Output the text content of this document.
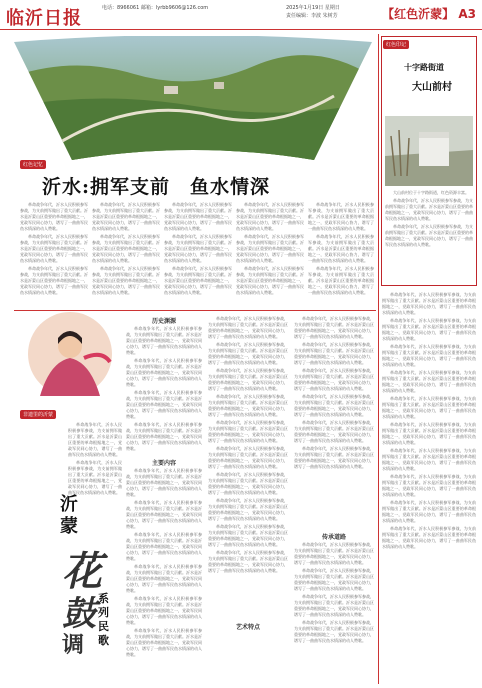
临沂日报	电话：8966061 邮箱：lyrbb9606@126.com	2025年1月19日 星期日
责任编辑：李波 朱树芳	【红色沂蒙】 A3
红色记忆
沂水:拥军支前　鱼水情深

革命战争年代，沂水人民积极参军参战，为支前拥军做出了重大贡献。沂水是沂蒙山区重要的革命根据地之一，党政军民同心协力，谱写了一曲曲军民鱼水情深的动人赞歌。

革命战争年代，沂水人民积极参军参战，为支前拥军做出了重大贡献。沂水是沂蒙山区重要的革命根据地之一，党政军民同心协力，谱写了一曲曲军民鱼水情深的动人赞歌。

革命战争年代，沂水人民积极参军参战，为支前拥军做出了重大贡献。沂水是沂蒙山区重要的革命根据地之一，党政军民同心协力，谱写了一曲曲军民鱼水情深的动人赞歌。

革命战争年代，沂水人民积极参军参战，为支前拥军做出了重大贡献。沂水是沂蒙山区重要的革命根据地之一，党政军民同心协力，谱写了一曲曲军民鱼水情深的动人赞歌。

革命战争年代，沂水人民积极参军参战，为支前拥军做出了重大贡献。沂水是沂蒙山区重要的革命根据地之一，党政军民同心协力，谱写了一曲曲军民鱼水情深的动人赞歌。

革命战争年代，沂水人民积极参军参战，为支前拥军做出了重大贡献。沂水是沂蒙山区重要的革命根据地之一，党政军民同心协力，谱写了一曲曲军民鱼水情深的动人赞歌。

革命战争年代，沂水人民积极参军参战，为支前拥军做出了重大贡献。沂水是沂蒙山区重要的革命根据地之一，党政军民同心协力，谱写了一曲曲军民鱼水情深的动人赞歌。

革命战争年代，沂水人民积极参军参战，为支前拥军做出了重大贡献。沂水是沂蒙山区重要的革命根据地之一，党政军民同心协力，谱写了一曲曲军民鱼水情深的动人赞歌。

革命战争年代，沂水人民积极参军参战，为支前拥军做出了重大贡献。沂水是沂蒙山区重要的革命根据地之一，党政军民同心协力，谱写了一曲曲军民鱼水情深的动人赞歌。

革命战争年代，沂水人民积极参军参战，为支前拥军做出了重大贡献。沂水是沂蒙山区重要的革命根据地之一，党政军民同心协力，谱写了一曲曲军民鱼水情深的动人赞歌。

革命战争年代，沂水人民积极参军参战，为支前拥军做出了重大贡献。沂水是沂蒙山区重要的革命根据地之一，党政军民同心协力，谱写了一曲曲军民鱼水情深的动人赞歌。

革命战争年代，沂水人民积极参军参战，为支前拥军做出了重大贡献。沂水是沂蒙山区重要的革命根据地之一，党政军民同心协力，谱写了一曲曲军民鱼水情深的动人赞歌。

革命战争年代，沂水人民积极参军参战，为支前拥军做出了重大贡献。沂水是沂蒙山区重要的革命根据地之一，党政军民同心协力，谱写了一曲曲军民鱼水情深的动人赞歌。

革命战争年代，沂水人民积极参军参战，为支前拥军做出了重大贡献。沂水是沂蒙山区重要的革命根据地之一，党政军民同心协力，谱写了一曲曲军民鱼水情深的动人赞歌。

革命战争年代，沂水人民积极参军参战，为支前拥军做出了重大贡献。沂水是沂蒙山区重要的革命根据地之一，党政军民同心协力，谱写了一曲曲军民鱼水情深的动人赞歌。

非遗里的沂蒙

革命战争年代，沂水人民积极参军参战，为支前拥军做出了重大贡献。沂水是沂蒙山区重要的革命根据地之一，党政军民同心协力，谱写了一曲曲军民鱼水情深的动人赞歌。

革命战争年代，沂水人民积极参军参战，为支前拥军做出了重大贡献。沂水是沂蒙山区重要的革命根据地之一，党政军民同心协力，谱写了一曲曲军民鱼水情深的动人赞歌。

沂
蒙
花
鼓
调
系
列
民
歌
历史渊源

革命战争年代，沂水人民积极参军参战，为支前拥军做出了重大贡献。沂水是沂蒙山区重要的革命根据地之一，党政军民同心协力，谱写了一曲曲军民鱼水情深的动人赞歌。

革命战争年代，沂水人民积极参军参战，为支前拥军做出了重大贡献。沂水是沂蒙山区重要的革命根据地之一，党政军民同心协力，谱写了一曲曲军民鱼水情深的动人赞歌。

革命战争年代，沂水人民积极参军参战，为支前拥军做出了重大贡献。沂水是沂蒙山区重要的革命根据地之一，党政军民同心协力，谱写了一曲曲军民鱼水情深的动人赞歌。

革命战争年代，沂水人民积极参军参战，为支前拥军做出了重大贡献。沂水是沂蒙山区重要的革命根据地之一，党政军民同心协力，谱写了一曲曲军民鱼水情深的动人赞歌。

主要内容

革命战争年代，沂水人民积极参军参战，为支前拥军做出了重大贡献。沂水是沂蒙山区重要的革命根据地之一，党政军民同心协力，谱写了一曲曲军民鱼水情深的动人赞歌。

革命战争年代，沂水人民积极参军参战，为支前拥军做出了重大贡献。沂水是沂蒙山区重要的革命根据地之一，党政军民同心协力，谱写了一曲曲军民鱼水情深的动人赞歌。

革命战争年代，沂水人民积极参军参战，为支前拥军做出了重大贡献。沂水是沂蒙山区重要的革命根据地之一，党政军民同心协力，谱写了一曲曲军民鱼水情深的动人赞歌。

革命战争年代，沂水人民积极参军参战，为支前拥军做出了重大贡献。沂水是沂蒙山区重要的革命根据地之一，党政军民同心协力，谱写了一曲曲军民鱼水情深的动人赞歌。

革命战争年代，沂水人民积极参军参战，为支前拥军做出了重大贡献。沂水是沂蒙山区重要的革命根据地之一，党政军民同心协力，谱写了一曲曲军民鱼水情深的动人赞歌。

革命战争年代，沂水人民积极参军参战，为支前拥军做出了重大贡献。沂水是沂蒙山区重要的革命根据地之一，党政军民同心协力，谱写了一曲曲军民鱼水情深的动人赞歌。

革命战争年代，沂水人民积极参军参战，为支前拥军做出了重大贡献。沂水是沂蒙山区重要的革命根据地之一，党政军民同心协力，谱写了一曲曲军民鱼水情深的动人赞歌。

革命战争年代，沂水人民积极参军参战，为支前拥军做出了重大贡献。沂水是沂蒙山区重要的革命根据地之一，党政军民同心协力，谱写了一曲曲军民鱼水情深的动人赞歌。

革命战争年代，沂水人民积极参军参战，为支前拥军做出了重大贡献。沂水是沂蒙山区重要的革命根据地之一，党政军民同心协力，谱写了一曲曲军民鱼水情深的动人赞歌。

革命战争年代，沂水人民积极参军参战，为支前拥军做出了重大贡献。沂水是沂蒙山区重要的革命根据地之一，党政军民同心协力，谱写了一曲曲军民鱼水情深的动人赞歌。

革命战争年代，沂水人民积极参军参战，为支前拥军做出了重大贡献。沂水是沂蒙山区重要的革命根据地之一，党政军民同心协力，谱写了一曲曲军民鱼水情深的动人赞歌。

革命战争年代，沂水人民积极参军参战，为支前拥军做出了重大贡献。沂水是沂蒙山区重要的革命根据地之一，党政军民同心协力，谱写了一曲曲军民鱼水情深的动人赞歌。

革命战争年代，沂水人民积极参军参战，为支前拥军做出了重大贡献。沂水是沂蒙山区重要的革命根据地之一，党政军民同心协力，谱写了一曲曲军民鱼水情深的动人赞歌。

革命战争年代，沂水人民积极参军参战，为支前拥军做出了重大贡献。沂水是沂蒙山区重要的革命根据地之一，党政军民同心协力，谱写了一曲曲军民鱼水情深的动人赞歌。

革命战争年代，沂水人民积极参军参战，为支前拥军做出了重大贡献。沂水是沂蒙山区重要的革命根据地之一，党政军民同心协力，谱写了一曲曲军民鱼水情深的动人赞歌。

革命战争年代，沂水人民积极参军参战，为支前拥军做出了重大贡献。沂水是沂蒙山区重要的革命根据地之一，党政军民同心协力，谱写了一曲曲军民鱼水情深的动人赞歌。

艺术特点

革命战争年代，沂水人民积极参军参战，为支前拥军做出了重大贡献。沂水是沂蒙山区重要的革命根据地之一，党政军民同心协力，谱写了一曲曲军民鱼水情深的动人赞歌。

革命战争年代，沂水人民积极参军参战，为支前拥军做出了重大贡献。沂水是沂蒙山区重要的革命根据地之一，党政军民同心协力，谱写了一曲曲军民鱼水情深的动人赞歌。

革命战争年代，沂水人民积极参军参战，为支前拥军做出了重大贡献。沂水是沂蒙山区重要的革命根据地之一，党政军民同心协力，谱写了一曲曲军民鱼水情深的动人赞歌。

革命战争年代，沂水人民积极参军参战，为支前拥军做出了重大贡献。沂水是沂蒙山区重要的革命根据地之一，党政军民同心协力，谱写了一曲曲军民鱼水情深的动人赞歌。

革命战争年代，沂水人民积极参军参战，为支前拥军做出了重大贡献。沂水是沂蒙山区重要的革命根据地之一，党政军民同心协力，谱写了一曲曲军民鱼水情深的动人赞歌。

革命战争年代，沂水人民积极参军参战，为支前拥军做出了重大贡献。沂水是沂蒙山区重要的革命根据地之一，党政军民同心协力，谱写了一曲曲军民鱼水情深的动人赞歌。

传承道路

革命战争年代，沂水人民积极参军参战，为支前拥军做出了重大贡献。沂水是沂蒙山区重要的革命根据地之一，党政军民同心协力，谱写了一曲曲军民鱼水情深的动人赞歌。

革命战争年代，沂水人民积极参军参战，为支前拥军做出了重大贡献。沂水是沂蒙山区重要的革命根据地之一，党政军民同心协力，谱写了一曲曲军民鱼水情深的动人赞歌。

革命战争年代，沂水人民积极参军参战，为支前拥军做出了重大贡献。沂水是沂蒙山区重要的革命根据地之一，党政军民同心协力，谱写了一曲曲军民鱼水情深的动人赞歌。

革命战争年代，沂水人民积极参军参战，为支前拥军做出了重大贡献。沂水是沂蒙山区重要的革命根据地之一，党政军民同心协力，谱写了一曲曲军民鱼水情深的动人赞歌。

红色印记
十字路街道
大山前村

大山前村位于十字路街道，红色资源丰富。

革命战争年代，沂水人民积极参军参战，为支前拥军做出了重大贡献。沂水是沂蒙山区重要的革命根据地之一，党政军民同心协力，谱写了一曲曲军民鱼水情深的动人赞歌。

革命战争年代，沂水人民积极参军参战，为支前拥军做出了重大贡献。沂水是沂蒙山区重要的革命根据地之一，党政军民同心协力，谱写了一曲曲军民鱼水情深的动人赞歌。

革命战争年代，沂水人民积极参军参战，为支前拥军做出了重大贡献。沂水是沂蒙山区重要的革命根据地之一，党政军民同心协力，谱写了一曲曲军民鱼水情深的动人赞歌。

革命战争年代，沂水人民积极参军参战，为支前拥军做出了重大贡献。沂水是沂蒙山区重要的革命根据地之一，党政军民同心协力，谱写了一曲曲军民鱼水情深的动人赞歌。

革命战争年代，沂水人民积极参军参战，为支前拥军做出了重大贡献。沂水是沂蒙山区重要的革命根据地之一，党政军民同心协力，谱写了一曲曲军民鱼水情深的动人赞歌。

革命战争年代，沂水人民积极参军参战，为支前拥军做出了重大贡献。沂水是沂蒙山区重要的革命根据地之一，党政军民同心协力，谱写了一曲曲军民鱼水情深的动人赞歌。

革命战争年代，沂水人民积极参军参战，为支前拥军做出了重大贡献。沂水是沂蒙山区重要的革命根据地之一，党政军民同心协力，谱写了一曲曲军民鱼水情深的动人赞歌。

革命战争年代，沂水人民积极参军参战，为支前拥军做出了重大贡献。沂水是沂蒙山区重要的革命根据地之一，党政军民同心协力，谱写了一曲曲军民鱼水情深的动人赞歌。

革命战争年代，沂水人民积极参军参战，为支前拥军做出了重大贡献。沂水是沂蒙山区重要的革命根据地之一，党政军民同心协力，谱写了一曲曲军民鱼水情深的动人赞歌。

革命战争年代，沂水人民积极参军参战，为支前拥军做出了重大贡献。沂水是沂蒙山区重要的革命根据地之一，党政军民同心协力，谱写了一曲曲军民鱼水情深的动人赞歌。

革命战争年代，沂水人民积极参军参战，为支前拥军做出了重大贡献。沂水是沂蒙山区重要的革命根据地之一，党政军民同心协力，谱写了一曲曲军民鱼水情深的动人赞歌。

革命战争年代，沂水人民积极参军参战，为支前拥军做出了重大贡献。沂水是沂蒙山区重要的革命根据地之一，党政军民同心协力，谱写了一曲曲军民鱼水情深的动人赞歌。
